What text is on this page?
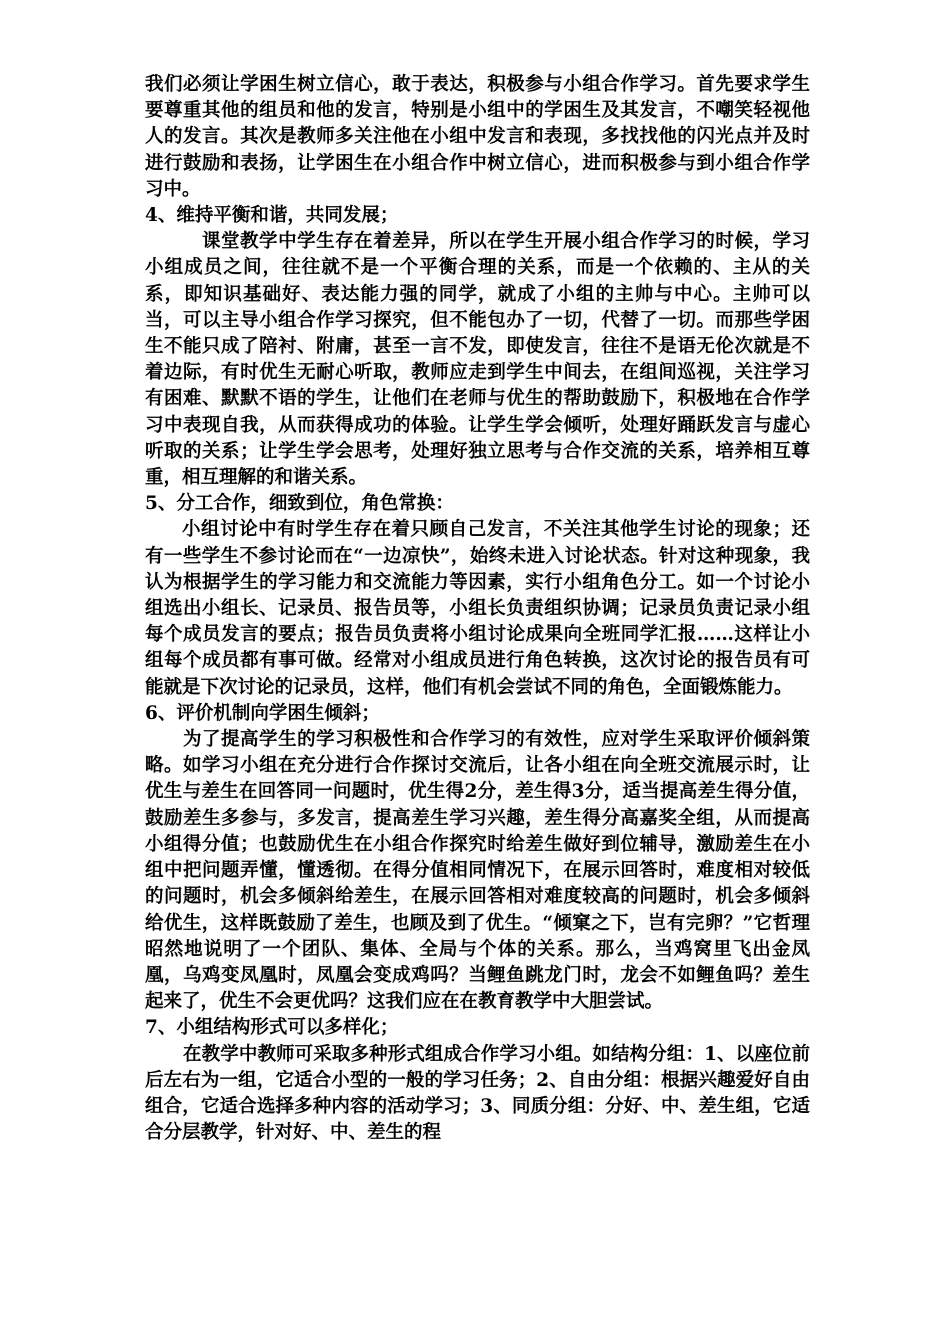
我们必须让学困生树立信心，敢于表达，积极参与小组合作学习。首先要求学生要尊重其他的组员和他的发言，特别是小组中的学困生及其发言，不嘲笑轻视他人的发言。其次是教师多关注他在小组中发言和表现，多找找他的闪光点并及时进行鼓励和表扬，让学困生在小组合作中树立信心，进而积极参与到小组合作学习中。

4、维持平衡和谐，共同发展；

课堂教学中学生存在着差异，所以在学生开展小组合作学习的时候，学习小组成员之间，往往就不是一个平衡合理的关系，而是一个依赖的、主从的关系，即知识基础好、表达能力强的同学，就成了小组的主帅与中心。主帅可以当，可以主导小组合作学习探究，但不能包办了一切，代替了一切。而那些学困生不能只成了陪衬、附庸，甚至一言不发，即使发言，往往不是语无伦次就是不着边际，有时优生无耐心听取，教师应走到学生中间去，在组间巡视，关注学习有困难、默默不语的学生，让他们在老师与优生的帮助鼓励下，积极地在合作学习中表现自我，从而获得成功的体验。让学生学会倾听，处理好踊跃发言与虚心听取的关系；让学生学会思考，处理好独立思考与合作交流的关系，培养相互尊重，相互理解的和谐关系。

5、分工合作，细致到位，角色常换：

小组讨论中有时学生存在着只顾自己发言，不关注其他学生讨论的现象；还有一些学生不参讨论而在“一边凉快”，始终未进入讨论状态。针对这种现象，我认为根据学生的学习能力和交流能力等因素，实行小组角色分工。如一个讨论小组选出小组长、记录员、报告员等，小组长负责组织协调；记录员负责记录小组每个成员发言的要点；报告员负责将小组讨论成果向全班同学汇报……这样让小组每个成员都有事可做。经常对小组成员进行角色转换，这次讨论的报告员有可能就是下次讨论的记录员，这样，他们有机会尝试不同的角色，全面锻炼能力。

6、评价机制向学困生倾斜；

为了提高学生的学习积极性和合作学习的有效性，应对学生采取评价倾斜策略。如学习小组在充分进行合作探讨交流后，让各小组在向全班交流展示时，让优生与差生在回答同一问题时，优生得2分，差生得3分，适当提高差生得分值，鼓励差生多参与，多发言，提高差生学习兴趣，差生得分高嘉奖全组，从而提高小组得分值；也鼓励优生在小组合作探究时给差生做好到位辅导，激励差生在小组中把问题弄懂，懂透彻。在得分值相同情况下，在展示回答时，难度相对较低的问题时，机会多倾斜给差生，在展示回答相对难度较高的问题时，机会多倾斜给优生，这样既鼓励了差生，也顾及到了优生。“倾窠之下，岂有完卵？”它哲理昭然地说明了一个团队、集体、全局与个体的关系。那么，当鸡窝里飞出金凤凰，乌鸡变凤凰时，凤凰会变成鸡吗？当鲤鱼跳龙门时，龙会不如鲤鱼吗？差生起来了，优生不会更优吗？这我们应在在教育教学中大胆尝试。

7、小组结构形式可以多样化；

在教学中教师可采取多种形式组成合作学习小组。如结构分组：1、以座位前后左右为一组，它适合小型的一般的学习任务；2、自由分组：根据兴趣爱好自由组合，它适合选择多种内容的活动学习；3、同质分组：分好、中、差生组，它适合分层教学，针对好、中、差生的程
